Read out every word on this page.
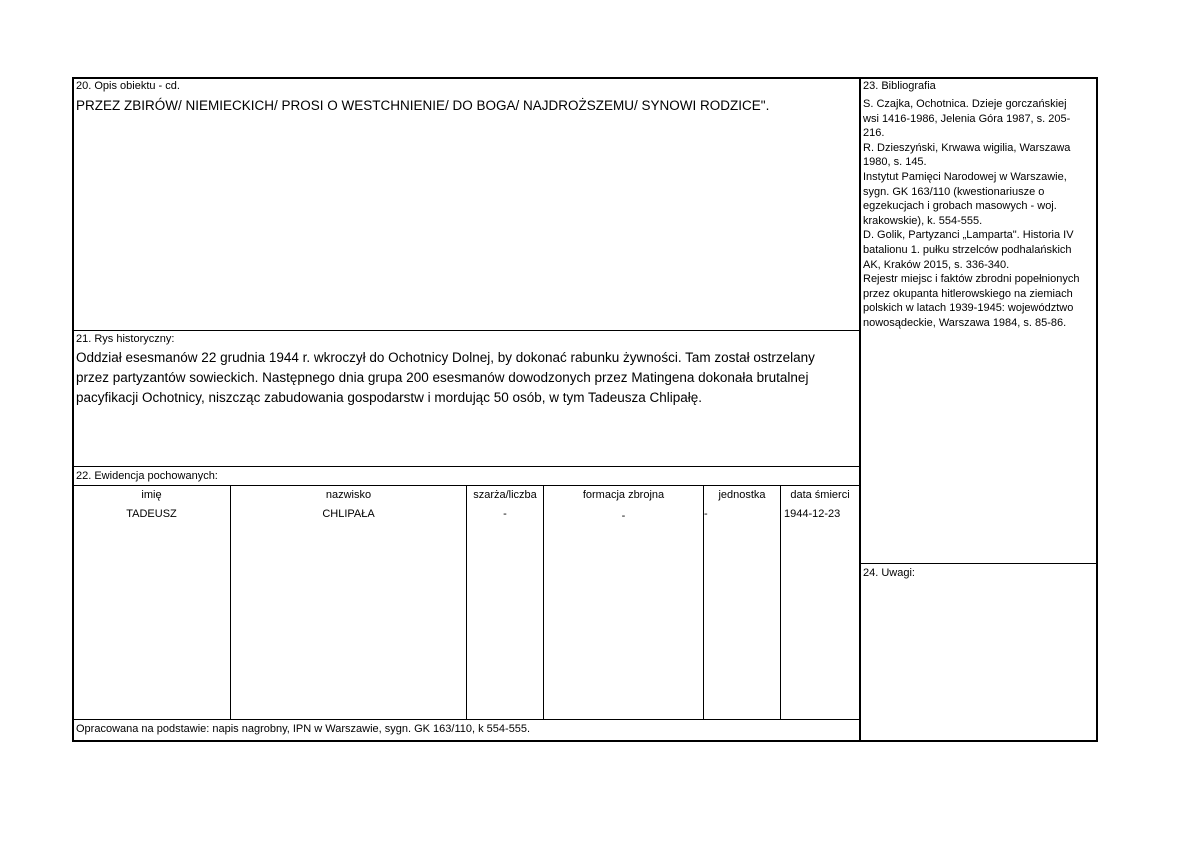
20. Opis obiektu - cd.
PRZEZ ZBIRÓW/ NIEMIECKICH/ PROSI O WESTCHNIENIE/ DO BOGA/ NAJDROŻSZEMU/ SYNOWI RODZICE".
21. Rys historyczny:
Oddział esesmanów 22 grudnia 1944 r. wkroczył do Ochotnicy Dolnej, by dokonać rabunku żywności. Tam został ostrzelany
przez partyzantów sowieckich. Następnego dnia grupa 200 esesmanów dowodzonych przez Matingena dokonała brutalnej
pacyfikacji Ochotnicy, niszcząc zabudowania gospodarstw i mordując 50 osób, w tym Tadeusza Chlipałę.
22. Ewidencja pochowanych:
imię	nazwisko	szarża/liczba	formacja zbrojna	jednostka	data śmierci
TADEUSZ	CHLIPAŁA	-	-	-	1944-12-23
Opracowana na podstawie: napis nagrobny, IPN w Warszawie, sygn. GK 163/110, k 554-555.
23. Bibliografia
S. Czajka, Ochotnica. Dzieje gorczańskiej
wsi 1416-1986, Jelenia Góra 1987, s. 205-
216.
R. Dzieszyński, Krwawa wigilia, Warszawa
1980, s. 145.
Instytut Pamięci Narodowej w Warszawie,
sygn. GK 163/110 (kwestionariusze o
egzekucjach i grobach masowych - woj.
krakowskie), k. 554-555.
D. Golik, Partyzanci „Lamparta". Historia IV
batalionu 1. pułku strzelców podhalańskich
AK, Kraków 2015, s. 336-340.
Rejestr miejsc i faktów zbrodni popełnionych
przez okupanta hitlerowskiego na ziemiach
polskich w latach 1939-1945: województwo
nowosądeckie, Warszawa 1984, s. 85-86.
24. Uwagi:
